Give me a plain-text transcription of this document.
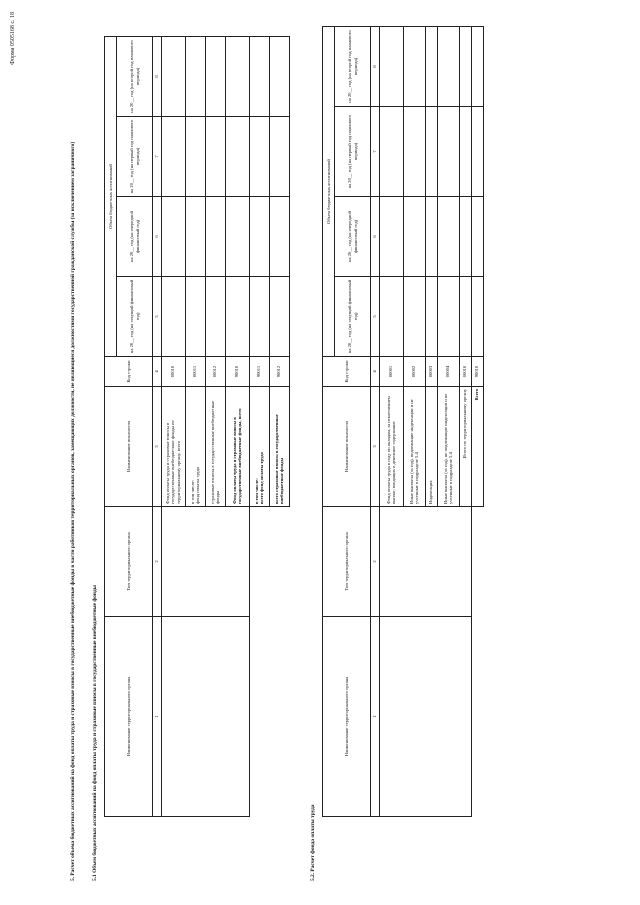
Форма 0505168 с. 18
5. Расчет объема бюджетных ассигнований на фонд оплаты труда и страховые взносы в государственные внебюджетные фонды в части работников территориальных органов, замещающих должности, не являющиеся должностями государственной гражданской службы (за исключением заграничного)	5.1 Объем бюджетных ассигнований на фонд оплаты труда и страховые взносы в государственные внебюджетные фонды	Наименование территориального органа	Тип территориального органа	Наименование показателя	Код строки	Объем бюджетных ассигнований			
				на 20__ год (на текущий финансовый год)	на 20__ год (на очередной финансовый год)	на 20__ год (на первый год планового периода)	на 20__ год (на второй год планового периода)
1	2	3	4	5	6	7	8
		Фонд оплаты труда и страховые взносы в государственные внебюджетные фонды по территориальному органу, всего	00010				

		в том числе: фонд оплаты труда	00011				
		страховые взносы в государственные внебюджетные фонды	00012				
		Фонд оплаты труда и страховые взносы в государственные внебюджетные фонды, всего	90010				

		в том числе: всего фонд оплаты труда	90011				
		всего страховые взносы в государственные внебюджетные фонды	90012				
5.2. Расчет фонда оплаты труда
Наименование территориального органа	Тип территориального органа	Наименование показателя	Код строки	Объем бюджетных ассигнований			
				на 20__ год (на текущий финансовый год)	на 20__ год (на очередной финансовый год)	на 20__ год (на первый год планового периода)	на 20__ год (на второй год планового периода)
1	2	3	4	5	6	7	8
		Фонд оплаты труда в году по окладам, за исключением выплат, входящих в денежное содержание	00001				
		Иные выплаты (за год), подлежащие индексации и не учтенные в подразделе 5.4	00002				
		Индексация	00003				
		Иные выплаты (за год), не подлежащие индексации и не учтенные в подразделе 5.4	00004				
		Итого по территориальному органу	00010				
		Всего	90010				
